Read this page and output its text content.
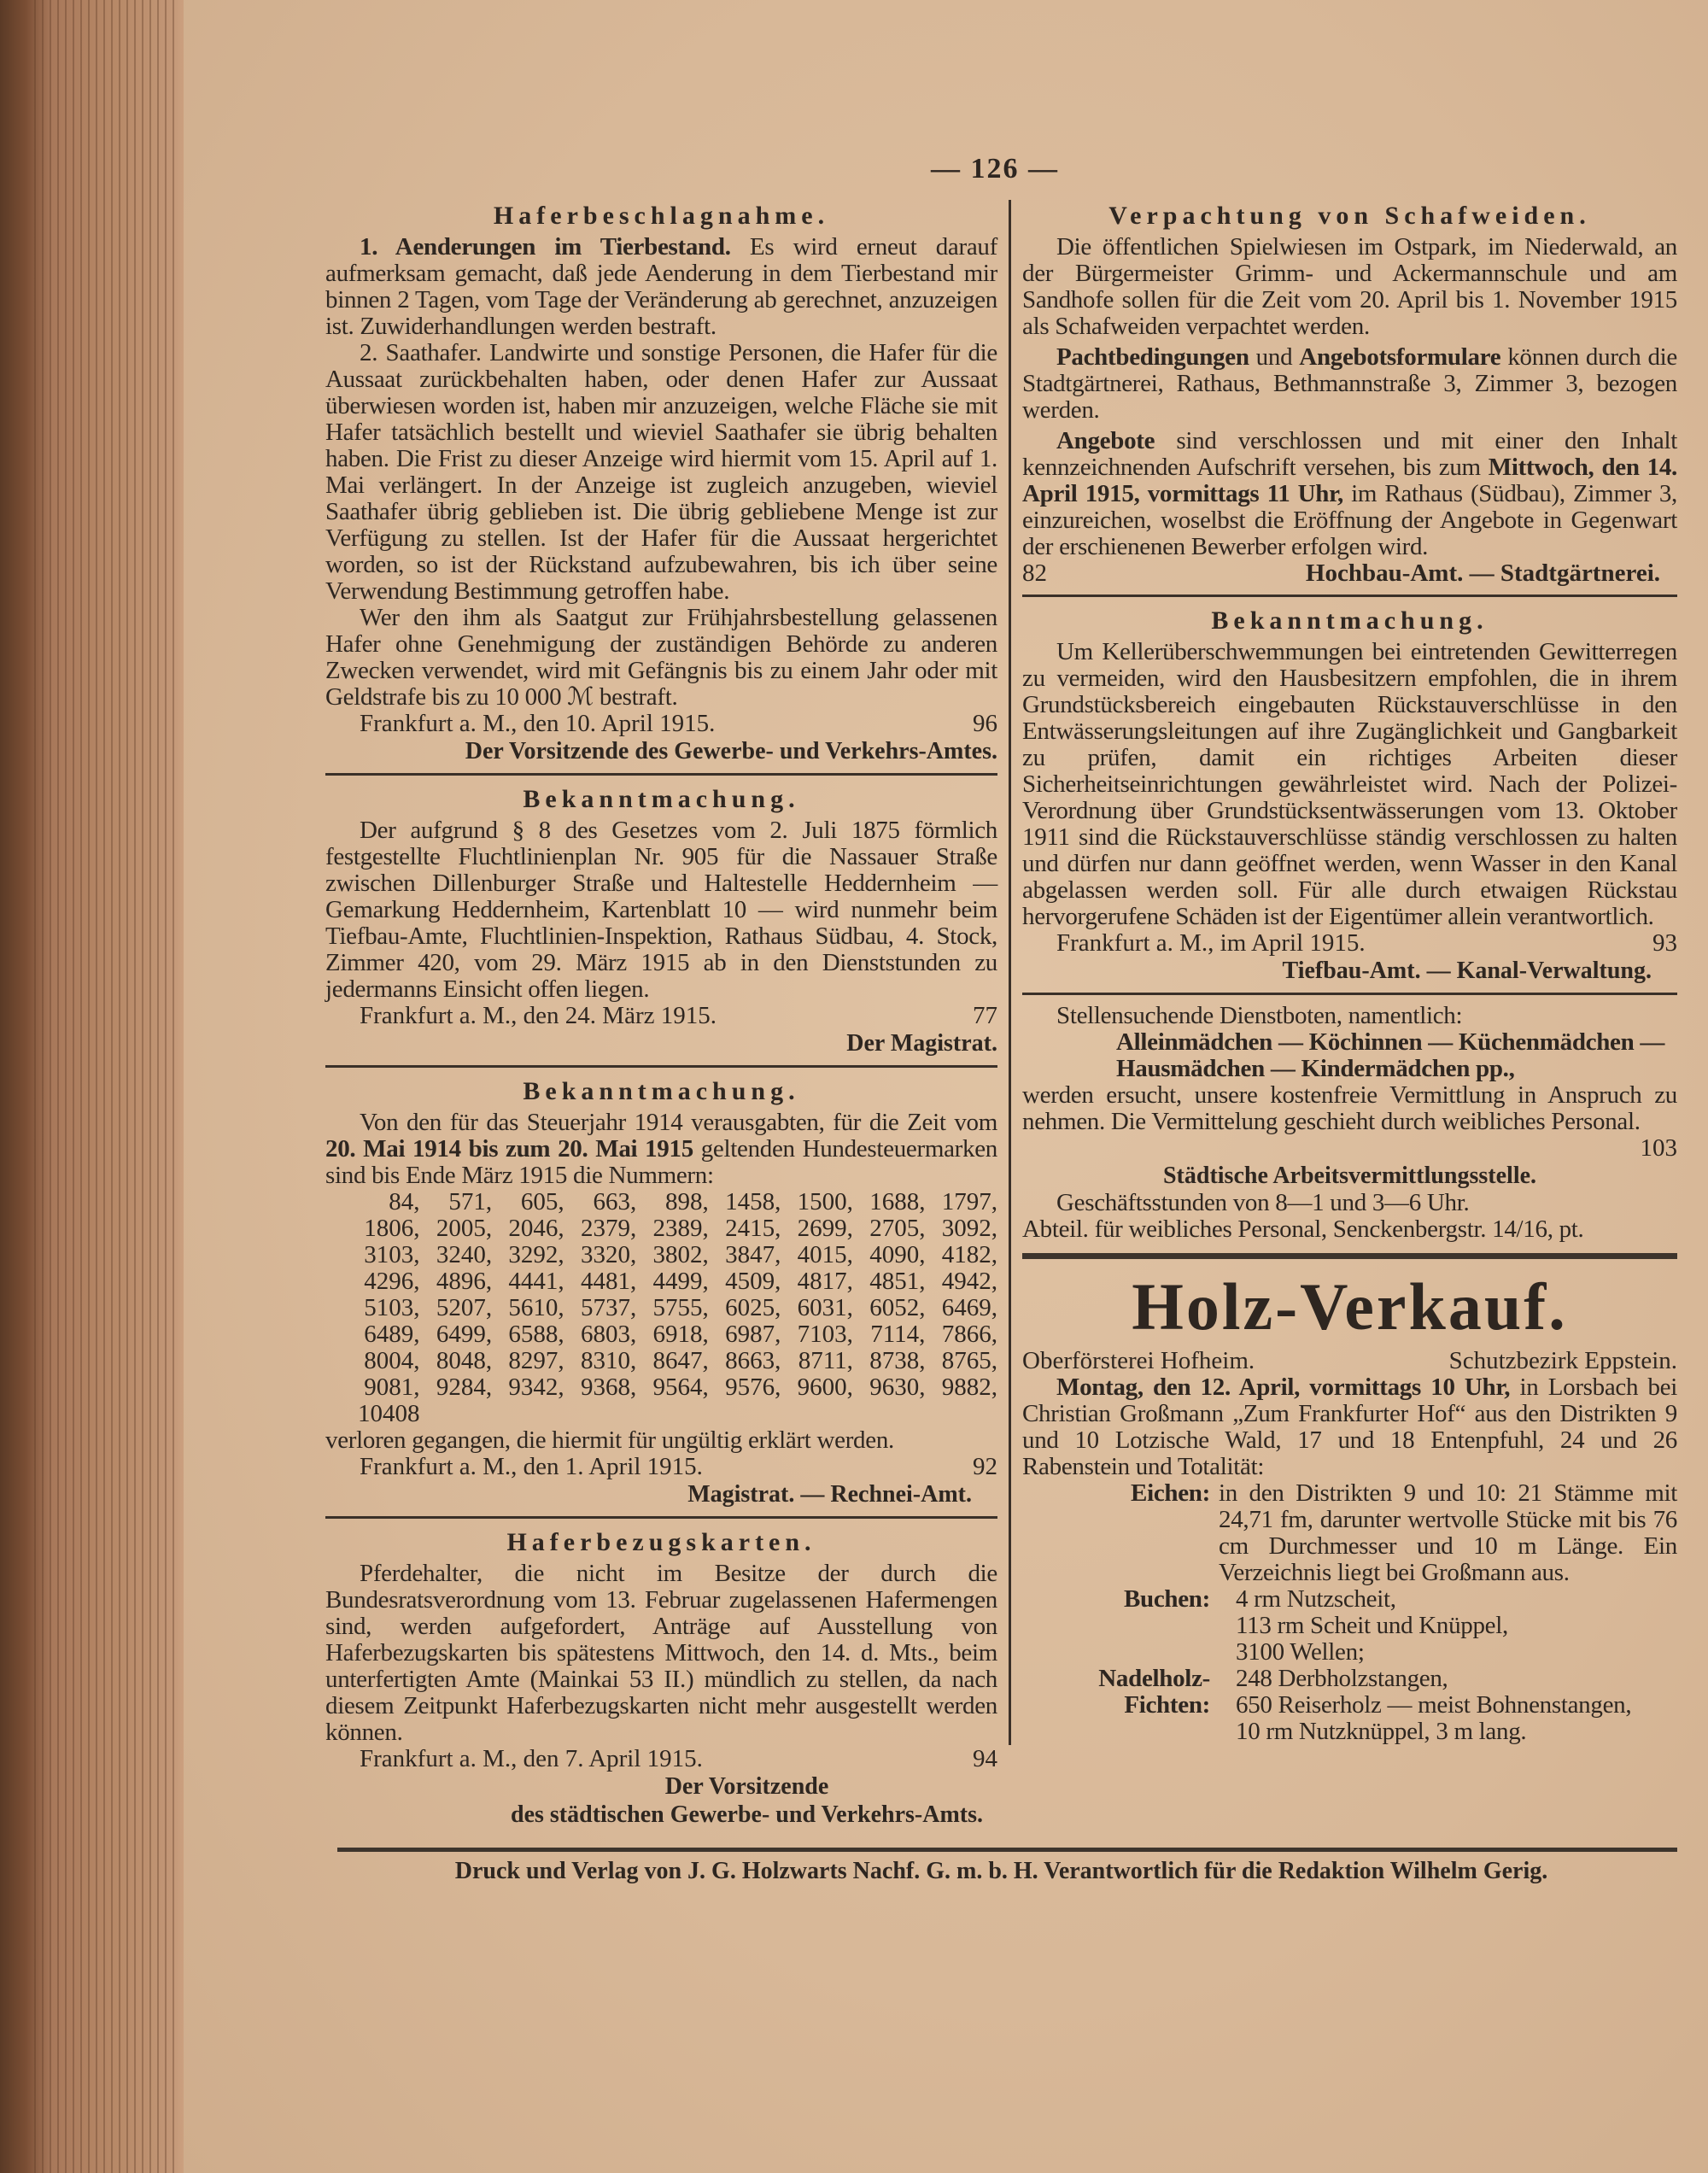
— 126 —
Haferbeschlagnahme.

1. Aenderungen im Tierbestand. Es wird erneut darauf aufmerksam gemacht, daß jede Aenderung in dem Tierbestand mir binnen 2 Tagen, vom Tage der Veränderung ab gerechnet, anzuzeigen ist. Zuwiderhandlungen werden bestraft.

2. Saathafer. Landwirte und sonstige Personen, die Hafer für die Aussaat zurückbehalten haben, oder denen Hafer zur Aussaat überwiesen worden ist, haben mir anzuzeigen, welche Fläche sie mit Hafer tatsächlich bestellt und wieviel Saathafer sie übrig behalten haben. Die Frist zu dieser Anzeige wird hiermit vom 15. April auf 1. Mai verlängert. In der Anzeige ist zugleich anzugeben, wieviel Saathafer übrig geblieben ist. Die übrig gebliebene Menge ist zur Verfügung zu stellen. Ist der Hafer für die Aussaat hergerichtet worden, so ist der Rückstand aufzubewahren, bis ich über seine Verwendung Bestimmung getroffen habe.

Wer den ihm als Saatgut zur Frühjahrsbestellung gelassenen Hafer ohne Genehmigung der zuständigen Behörde zu anderen Zwecken verwendet, wird mit Gefängnis bis zu einem Jahr oder mit Geldstrafe bis zu 10 000 ℳ bestraft.

Frankfurt a. M., den 10. April 1915.	96
Der Vorsitzende des Gewerbe- und Verkehrs-Amtes.
Bekanntmachung.

Der aufgrund § 8 des Gesetzes vom 2. Juli 1875 förmlich festgestellte Fluchtlinienplan Nr. 905 für die Nassauer Straße zwischen Dillenburger Straße und Haltestelle Heddernheim — Gemarkung Heddernheim, Kartenblatt 10 — wird nunmehr beim Tiefbau-Amte, Fluchtlinien-Inspektion, Rathaus Südbau, 4. Stock, Zimmer 420, vom 29. März 1915 ab in den Dienststunden zu jedermanns Einsicht offen liegen.

Frankfurt a. M., den 24. März 1915.	77
Der Magistrat.
Bekanntmachung.

Von den für das Steuerjahr 1914 verausgabten, für die Zeit vom 20. Mai 1914 bis zum 20. Mai 1915 geltenden Hundesteuermarken sind bis Ende März 1915 die Nummern:

84,	571,	605,	663,	898, 1458, 1500, 1688, 1797,
1806, 2005, 2046, 2379, 2389, 2415, 2699, 2705, 3092,
3103, 3240, 3292, 3320, 3802, 3847, 4015, 4090, 4182,
4296, 4896, 4441, 4481, 4499, 4509, 4817, 4851, 4942,
5103, 5207, 5610, 5737, 5755, 6025, 6031, 6052, 6469,
6489, 6499, 6588, 6803, 6918, 6987, 7103, 7114, 7866,
8004, 8048, 8297, 8310, 8647, 8663, 8711, 8738, 8765,
9081, 9284, 9342, 9368, 9564, 9576, 9600, 9630, 9882,
10408

verloren gegangen, die hiermit für ungültig erklärt werden.

Frankfurt a. M., den 1. April 1915.	92
Magistrat. — Rechnei-Amt.
Haferbezugskarten.

Pferdehalter, die nicht im Besitze der durch die Bundesratsverordnung vom 13. Februar zugelassenen Hafermengen sind, werden aufgefordert, Anträge auf Ausstellung von Haferbezugskarten bis spätestens Mittwoch, den 14. d. Mts., beim unterfertigten Amte (Mainkai 53 II.) mündlich zu stellen, da nach diesem Zeitpunkt Haferbezugskarten nicht mehr ausgestellt werden können.

Frankfurt a. M., den 7. April 1915.	94
Der Vorsitzende
des städtischen Gewerbe- und Verkehrs-Amts.
Verpachtung von Schafweiden.

Die öffentlichen Spielwiesen im Ostpark, im Niederwald, an der Bürgermeister Grimm- und Ackermannschule und am Sandhofe sollen für die Zeit vom 20. April bis 1. November 1915 als Schafweiden verpachtet werden.

Pachtbedingungen und Angebotsformulare können durch die Stadtgärtnerei, Rathaus, Bethmannstraße 3, Zimmer 3, bezogen werden.

Angebote sind verschlossen und mit einer den Inhalt kennzeichnenden Aufschrift versehen, bis zum Mittwoch, den 14. April 1915, vormittags 11 Uhr, im Rathaus (Südbau), Zimmer 3, einzureichen, woselbst die Eröffnung der Angebote in Gegenwart der erschienenen Bewerber erfolgen wird.

82	Hochbau-Amt. — Stadtgärtnerei.
Bekanntmachung.

Um Kellerüberschwemmungen bei eintretenden Gewitterregen zu vermeiden, wird den Hausbesitzern empfohlen, die in ihrem Grundstücksbereich eingebauten Rückstauverschlüsse in den Entwässerungsleitungen auf ihre Zugänglichkeit und Gangbarkeit zu prüfen, damit ein richtiges Arbeiten dieser Sicherheitseinrichtungen gewährleistet wird. Nach der Polizei-Verordnung über Grundstücksentwässerungen vom 13. Oktober 1911 sind die Rückstauverschlüsse ständig verschlossen zu halten und dürfen nur dann geöffnet werden, wenn Wasser in den Kanal abgelassen werden soll. Für alle durch etwaigen Rückstau hervorgerufene Schäden ist der Eigentümer allein verantwortlich.

Frankfurt a. M., im April 1915.	93
Tiefbau-Amt. — Kanal-Verwaltung.

Stellensuchende Dienstboten, namentlich:

Alleinmädchen — Köchinnen — Küchenmädchen —

Hausmädchen — Kindermädchen pp.,

werden ersucht, unsere kostenfreie Vermittlung in Anspruch zu nehmen. Die Vermittelung geschieht durch weibliches Personal.

103
Städtische Arbeitsvermittlungsstelle.

Geschäftsstunden von 8—1 und 3—6 Uhr.

Abteil. für weibliches Personal, Senckenbergstr. 14/16, pt.

Holz-Verkauf.
Oberförsterei Hofheim.	Schutzbezirk Eppstein.

Montag, den 12. April, vormittags 10 Uhr, in Lorsbach bei Christian Großmann „Zum Frankfurter Hof“ aus den Distrikten 9 und 10 Lotzische Wald, 17 und 18 Entenpfuhl, 24 und 26 Rabenstein und Totalität:

Eichen: in den Distrikten 9 und 10: 21 Stämme mit 24,71 fm, darunter wertvolle Stücke mit bis 76 cm Durchmesser und 10 m Länge. Ein Verzeichnis liegt bei Großmann aus.
Buchen:	4 rm Nutzscheit,
113 rm Scheit und Knüppel,
3100 Wellen;
Nadelholz-Fichten:
248 Derbholzstangen,
650 Reiserholz — meist Bohnenstangen,
10 rm Nutzknüppel, 3 m lang.
Druck und Verlag von J. G. Holzwarts Nachf. G. m. b. H. Verantwortlich für die Redaktion Wilhelm Gerig.
